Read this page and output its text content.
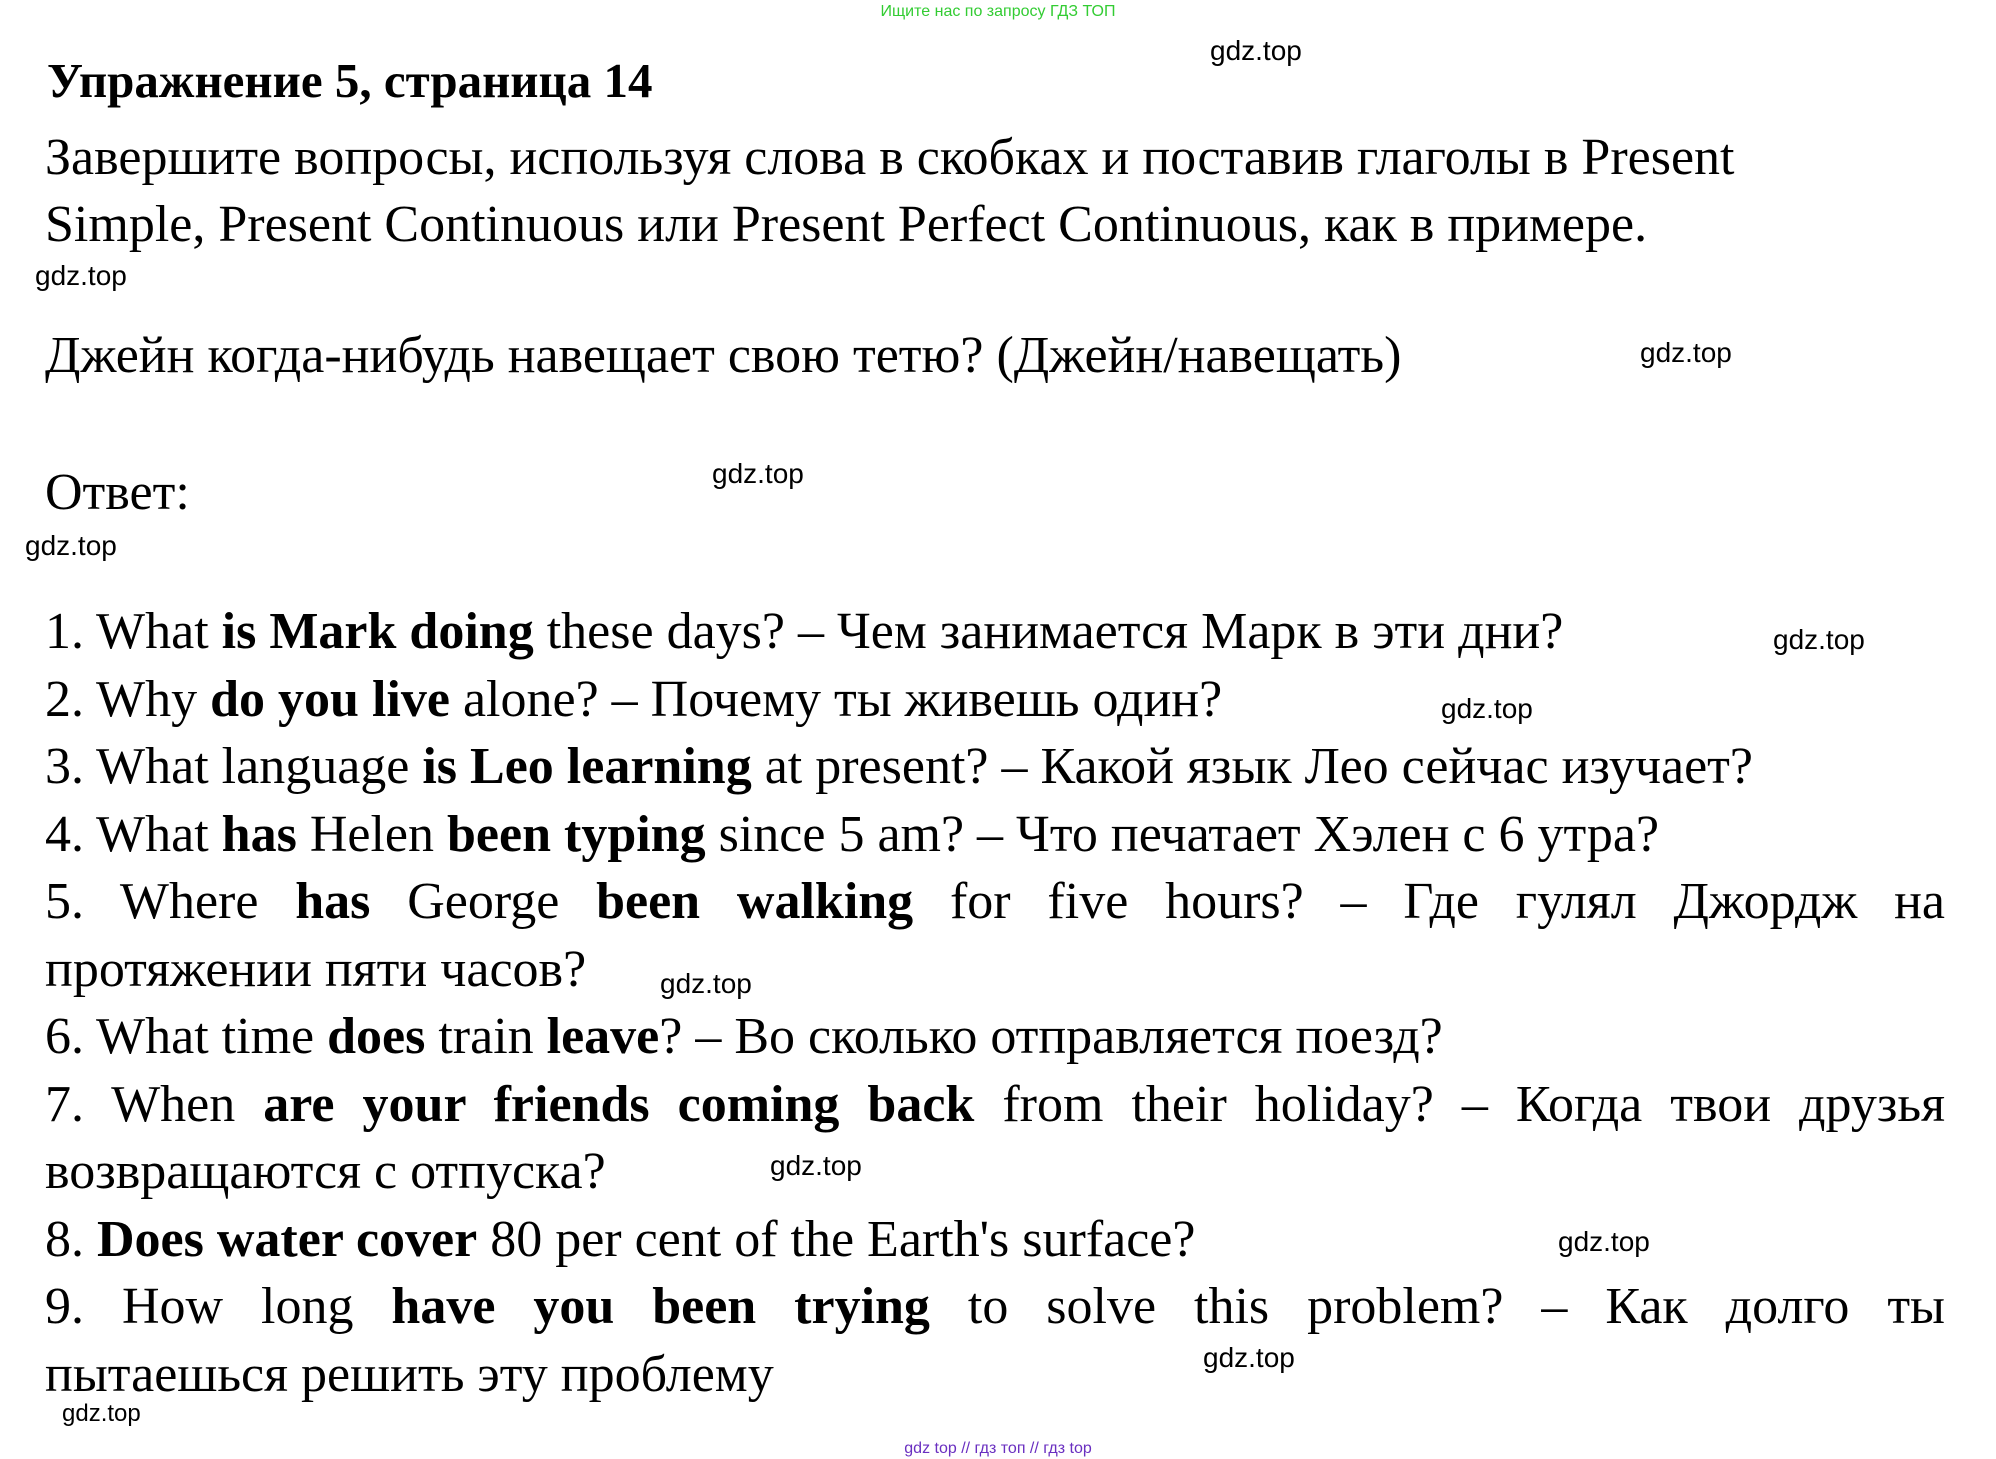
Ищите нас по запросу ГДЗ ТОП
Упражнение 5, страница 14
Завершите вопросы, используя слова в скобках и поставив глаголы в Present
Simple, Present Continuous или Present Perfect Continuous, как в примере.
Джейн когда-нибудь навещает свою тетю? (Джейн/навещать)
Ответ:
1. What is Mark doing these days? – Чем занимается Марк в эти дни?
2. Why do you live alone? – Почему ты живешь один?
3. What language is Leo learning at present? – Какой язык Лео сейчас изучает?
4. What has Helen been typing since 5 am? – Что печатает Хэлен с 6 утра?
5. Where has George been walking for five hours? – Где гулял Джордж на
протяжении пяти часов?
6. What time does train leave? – Во сколько отправляется поезд?
7. When are your friends coming back from their holiday? – Когда твои друзья
возвращаются с отпуска?
8. Does water cover 80 per cent of the Earth's surface?
9. How long have you been trying to solve this problem? – Как долго ты
пытаешься решить эту проблему
gdz.top
gdz.top
gdz.top
gdz.top
gdz.top
gdz.top
gdz.top
gdz.top
gdz.top
gdz.top
gdz.top
gdz.top
gdz top // гдз топ // гдз top
